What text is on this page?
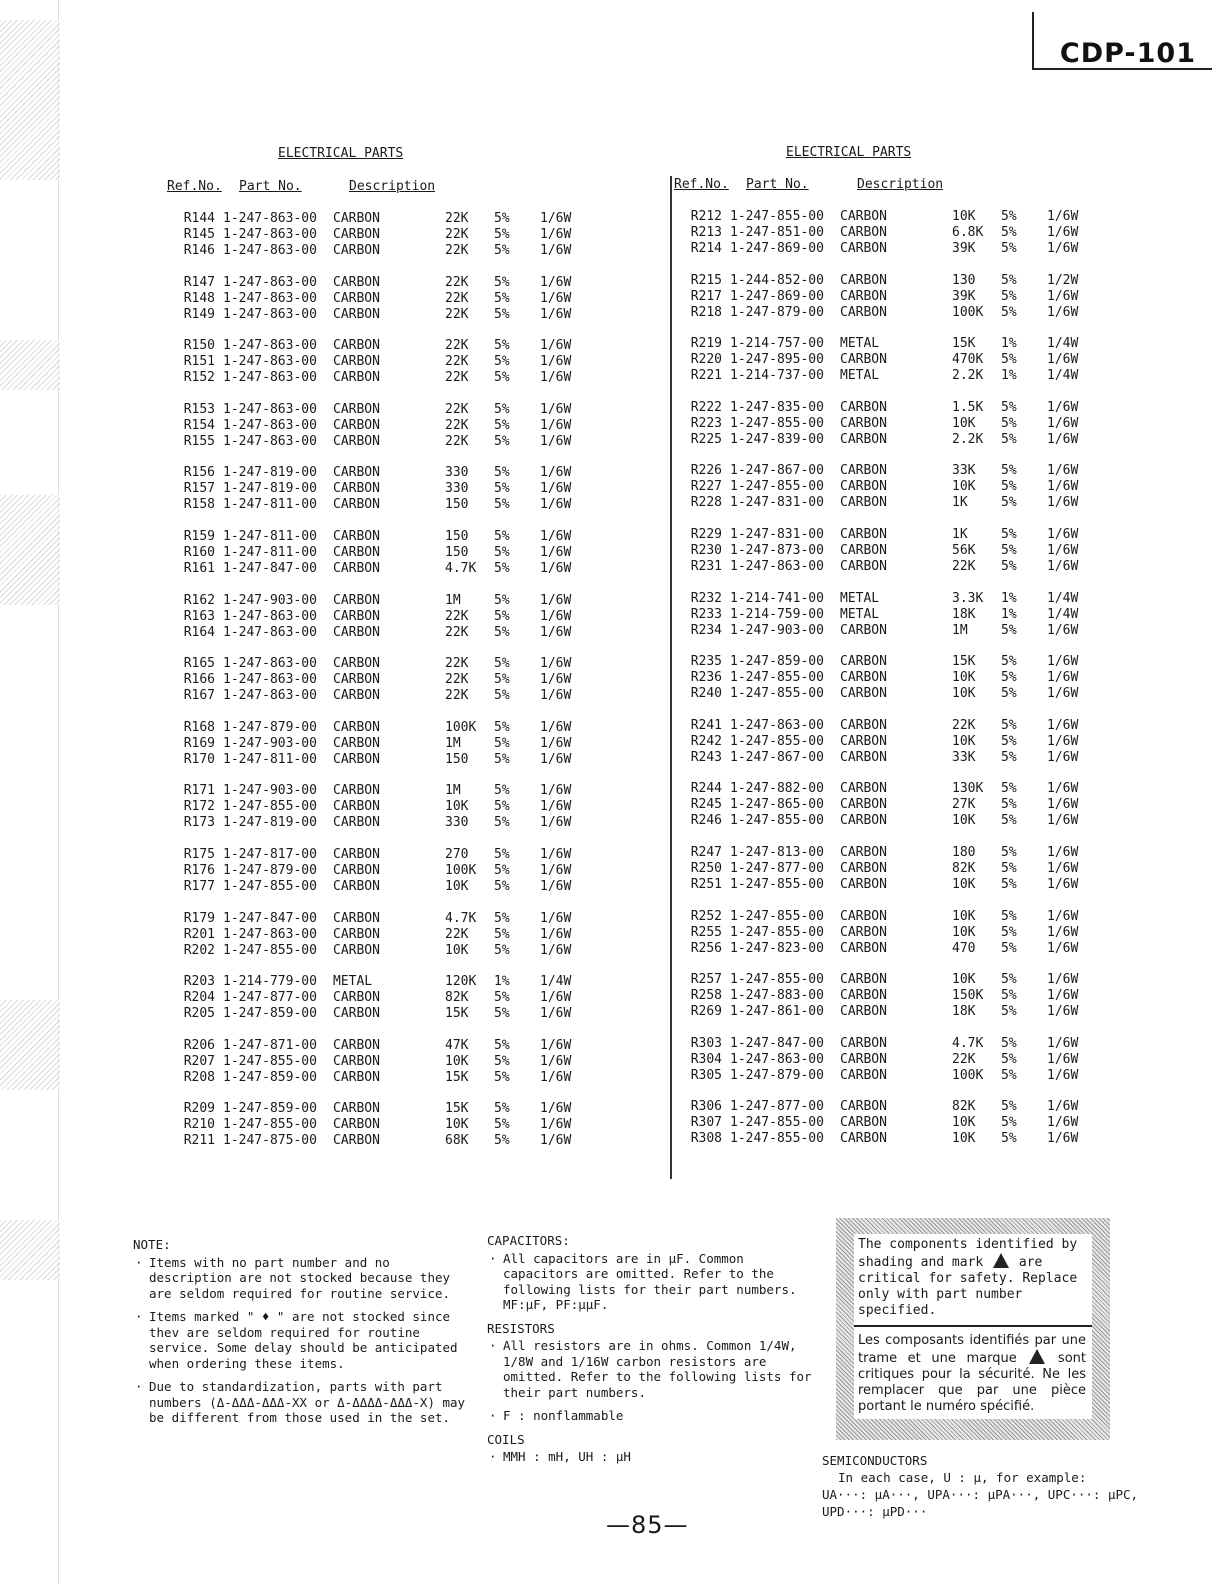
CDP-101
ELECTRICAL PARTS	ELECTRICAL PARTS
Ref.No. Part No.	Description	Ref.No. Part No.	Description
R144 1-247-863-00 CARBON	22K 5% 1/6W
R145 1-247-863-00 CARBON	22K 5% 1/6W
R146 1-247-863-00 CARBON	22K 5% 1/6W
R147 1-247-863-00 CARBON	22K 5% 1/6W
R148 1-247-863-00 CARBON	22K 5% 1/6W
R149 1-247-863-00 CARBON	22K 5% 1/6W
R150 1-247-863-00 CARBON	22K 5% 1/6W
R151 1-247-863-00 CARBON	22K 5% 1/6W
R152 1-247-863-00 CARBON	22K 5% 1/6W
R153 1-247-863-00 CARBON	22K 5% 1/6W
R154 1-247-863-00 CARBON	22K 5% 1/6W
R155 1-247-863-00 CARBON	22K 5% 1/6W
R156 1-247-819-00 CARBON	330 5% 1/6W
R157 1-247-819-00 CARBON	330 5% 1/6W
R158 1-247-811-00 CARBON	150 5% 1/6W
R159 1-247-811-00 CARBON	150 5% 1/6W
R160 1-247-811-00 CARBON	150 5% 1/6W
R161 1-247-847-00 CARBON	4.7K 5% 1/6W
R162 1-247-903-00 CARBON	1M	5% 1/6W
R163 1-247-863-00 CARBON	22K 5% 1/6W
R164 1-247-863-00 CARBON	22K 5% 1/6W
R165 1-247-863-00 CARBON	22K 5% 1/6W
R166 1-247-863-00 CARBON	22K 5% 1/6W
R167 1-247-863-00 CARBON	22K 5% 1/6W
R168 1-247-879-00 CARBON	100K 5% 1/6W
R169 1-247-903-00 CARBON	1M	5% 1/6W
R170 1-247-811-00 CARBON	150 5% 1/6W
R171 1-247-903-00 CARBON	1M	5% 1/6W
R172 1-247-855-00 CARBON	10K 5% 1/6W
R173 1-247-819-00 CARBON	330 5% 1/6W
R175 1-247-817-00 CARBON	270 5% 1/6W
R176 1-247-879-00 CARBON	100K 5% 1/6W
R177 1-247-855-00 CARBON	10K 5% 1/6W
R179 1-247-847-00 CARBON	4.7K 5% 1/6W
R201 1-247-863-00 CARBON	22K 5% 1/6W
R202 1-247-855-00 CARBON	10K 5% 1/6W
R203 1-214-779-00 METAL	120K 1% 1/4W
R204 1-247-877-00 CARBON	82K 5% 1/6W
R205 1-247-859-00 CARBON	15K 5% 1/6W
R206 1-247-871-00 CARBON	47K 5% 1/6W
R207 1-247-855-00 CARBON	10K 5% 1/6W
R208 1-247-859-00 CARBON	15K 5% 1/6W
R209 1-247-859-00 CARBON	15K 5% 1/6W
R210 1-247-855-00 CARBON	10K 5% 1/6W
R211 1-247-875-00 CARBON	68K 5% 1/6W
R212 1-247-855-00 CARBON	10K 5% 1/6W
R213 1-247-851-00 CARBON	6.8K 5% 1/6W
R214 1-247-869-00 CARBON	39K 5% 1/6W
R215 1-244-852-00 CARBON	130 5% 1/2W
R217 1-247-869-00 CARBON	39K 5% 1/6W
R218 1-247-879-00 CARBON	100K 5% 1/6W
R219 1-214-757-00 METAL	15K 1% 1/4W
R220 1-247-895-00 CARBON	470K 5% 1/6W
R221 1-214-737-00 METAL	2.2K 1% 1/4W
R222 1-247-835-00 CARBON	1.5K 5% 1/6W
R223 1-247-855-00 CARBON	10K 5% 1/6W
R225 1-247-839-00 CARBON	2.2K 5% 1/6W
R226 1-247-867-00 CARBON	33K 5% 1/6W
R227 1-247-855-00 CARBON	10K 5% 1/6W
R228 1-247-831-00 CARBON	1K	5% 1/6W
R229 1-247-831-00 CARBON	1K	5% 1/6W
R230 1-247-873-00 CARBON	56K 5% 1/6W
R231 1-247-863-00 CARBON	22K 5% 1/6W
R232 1-214-741-00 METAL	3.3K 1% 1/4W
R233 1-214-759-00 METAL	18K 1% 1/4W
R234 1-247-903-00 CARBON	1M	5% 1/6W
R235 1-247-859-00 CARBON	15K 5% 1/6W
R236 1-247-855-00 CARBON	10K 5% 1/6W
R240 1-247-855-00 CARBON	10K 5% 1/6W
R241 1-247-863-00 CARBON	22K 5% 1/6W
R242 1-247-855-00 CARBON	10K 5% 1/6W
R243 1-247-867-00 CARBON	33K 5% 1/6W
R244 1-247-882-00 CARBON	130K 5% 1/6W
R245 1-247-865-00 CARBON	27K 5% 1/6W
R246 1-247-855-00 CARBON	10K 5% 1/6W
R247 1-247-813-00 CARBON	180 5% 1/6W
R250 1-247-877-00 CARBON	82K 5% 1/6W
R251 1-247-855-00 CARBON	10K 5% 1/6W
R252 1-247-855-00 CARBON	10K 5% 1/6W
R255 1-247-855-00 CARBON	10K 5% 1/6W
R256 1-247-823-00 CARBON	470 5% 1/6W
R257 1-247-855-00 CARBON	10K 5% 1/6W
R258 1-247-883-00 CARBON	150K 5% 1/6W
R269 1-247-861-00 CARBON	18K 5% 1/6W
R303 1-247-847-00 CARBON	4.7K 5% 1/6W
R304 1-247-863-00 CARBON	22K 5% 1/6W
R305 1-247-879-00 CARBON	100K 5% 1/6W
R306 1-247-877-00 CARBON	82K 5% 1/6W
R307 1-247-855-00 CARBON	10K 5% 1/6W
R308 1-247-855-00 CARBON	10K 5% 1/6W
NOTE:
· Items with no part number and no description are not stocked because they are seldom required for routine service.
· Items marked " ♦ " are not stocked since thev are seldom required for routine service. Some delay should be anticipated when ordering these items.
· Due to standardization, parts with part numbers (Δ-ΔΔΔ-ΔΔΔ-XX or Δ-ΔΔΔΔ-ΔΔΔ-X) may be different from those used in the set.
CAPACITORS:
· All capacitors are in μF. Common capacitors are omitted. Refer to the following lists for their part numbers. MF:μF, PF:μμF.
RESISTORS
· All resistors are in ohms. Common 1/4W, 1/8W and 1/16W carbon resistors are omitted. Refer to the following lists for their part numbers.
· F : nonflammable
COILS
· MMH : mH, UH : μH
The components identified by shading and mark	are critical for safety. Replace only with part number specified.
Les composants identifiés par une trame et une marque	sont critiques pour la sécurité. Ne les remplacer que par une pièce portant le numéro spécifié.
SEMICONDUCTORS
In each case, U : μ, for example:
UA···: μA···, UPA···: μPA···, UPC···: μPC,
UPD···: μPD···
—85—
